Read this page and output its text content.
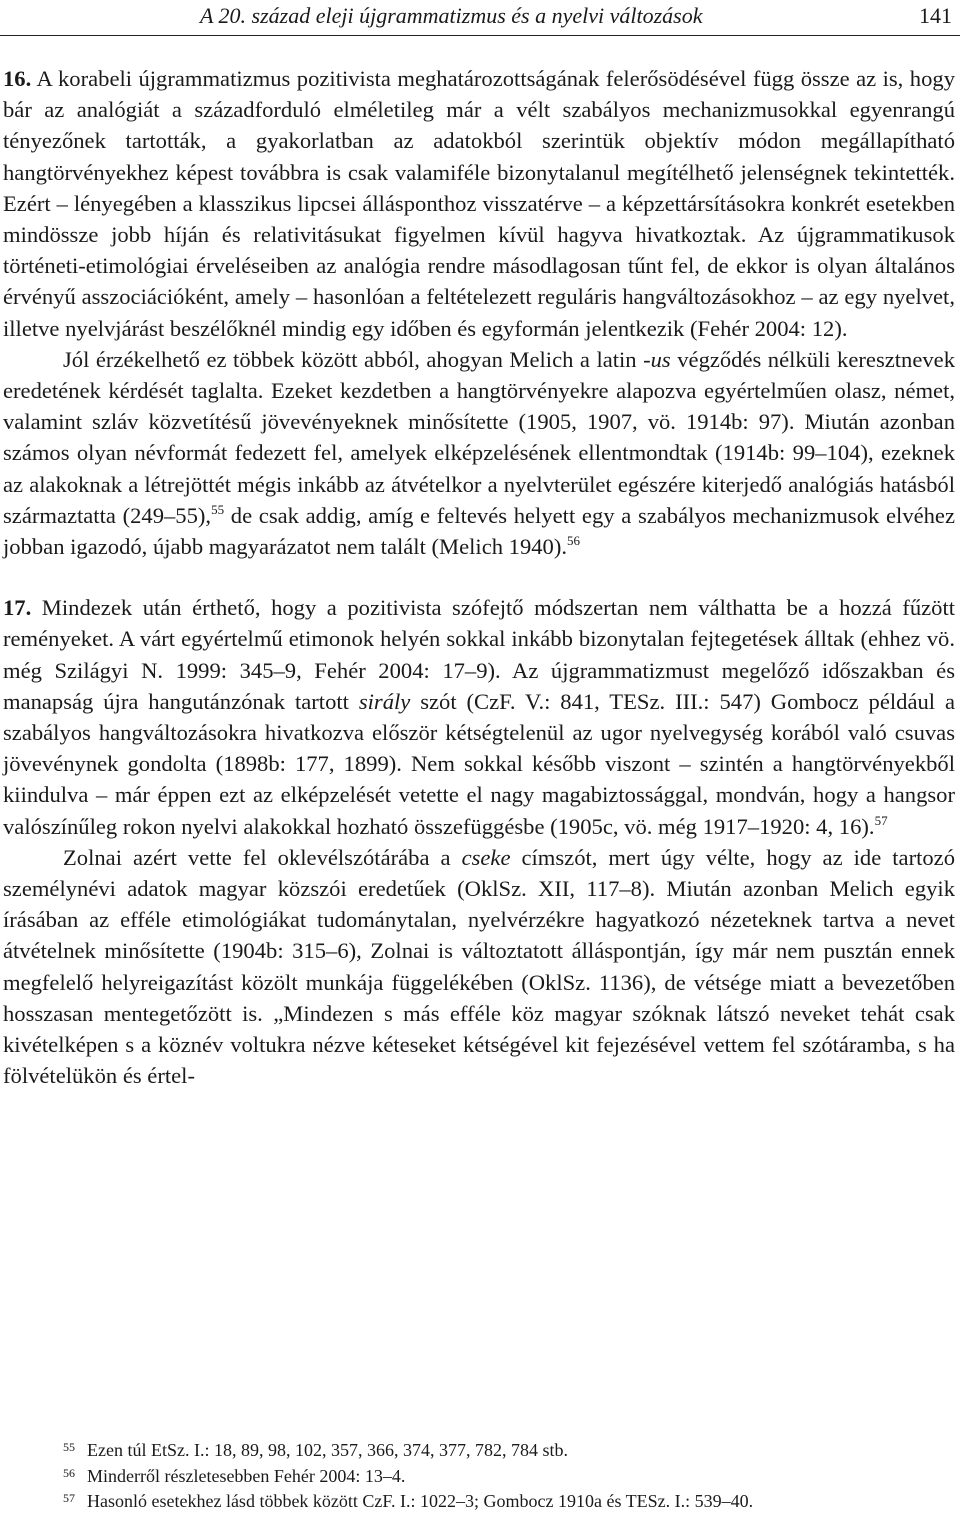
A 20. század eleji újgrammatizmus és a nyelvi változások	141

16. A korabeli újgrammatizmus pozitivista meghatározottságának felerősödésével függ össze az is, hogy bár az analógiát a századforduló elméletileg már a vélt szabályos mechanizmusokkal egyenrangú tényezőnek tartották, a gyakorlatban az adatokból szerintük objektív módon megállapítható hangtörvényekhez képest továbbra is csak valamiféle bizonytalanul megítélhető jelenségnek tekintették. Ezért – lényegében a klasszikus lipcsei állásponthoz visszatérve – a képzettársításokra konkrét esetekben mindössze jobb híján és relativitásukat figyelmen kívül hagyva hivatkoztak. Az újgrammatikusok történeti-etimológiai érveléseiben az analógia rendre másodlagosan tűnt fel, de ekkor is olyan általános érvényű asszociációként, amely – hasonlóan a feltételezett reguláris hangváltozásokhoz – az egy nyelvet, illetve nyelvjárást beszélőknél mindig egy időben és egyformán jelentkezik (Fehér 2004: 12).

Jól érzékelhető ez többek között abból, ahogyan Melich a latin -us végződés nélküli keresztnevek eredetének kérdését taglalta. Ezeket kezdetben a hangtörvényekre alapozva egyértelműen olasz, német, valamint szláv közvetítésű jövevényeknek minősítette (1905, 1907, vö. 1914b: 97). Miután azonban számos olyan névformát fedezett fel, amelyek elképzelésének ellentmondtak (1914b: 99–104), ezeknek az alakoknak a létrejöttét mégis inkább az átvételkor a nyelvterület egészére kiterjedő analógiás hatásból származtatta (249–55),$^{55}$ de csak addig, amíg e feltevés helyett egy a szabályos mechanizmusok elvéhez jobban igazodó, újabb magyarázatot nem talált (Melich 1940).$^{56}$

17. Mindezek után érthető, hogy a pozitivista szófejtő módszertan nem válthatta be a hozzá fűzött reményeket. A várt egyértelmű etimonok helyén sokkal inkább bizonytalan fejtegetések álltak (ehhez vö. még Szilágyi N. 1999: 345–9, Fehér 2004: 17–9). Az újgrammatizmust megelőző időszakban és manapság újra hangutánzónak tartott sirály szót (CzF. V.: 841, TESz. III.: 547) Gombocz például a szabályos hangváltozásokra hivatkozva először kétségtelenül az ugor nyelvegység korából való csuvas jövevénynek gondolta (1898b: 177, 1899). Nem sokkal később viszont – szintén a hangtörvényekből kiindulva – már éppen ezt az elképzelését vetette el nagy magabiztossággal, mondván, hogy a hangsor valószínűleg rokon nyelvi alakokkal hozható összefüggésbe (1905c, vö. még 1917–1920: 4, 16).$^{57}$

Zolnai azért vette fel oklevélszótárába a cseke címszót, mert úgy vélte, hogy az ide tartozó személynévi adatok magyar közszói eredetűek (OklSz. XII, 117–8). Miután azonban Melich egyik írásában az efféle etimológiákat tudománytalan, nyelvérzékre hagyatkozó nézeteknek tartva a nevet átvételnek minősítette (1904b: 315–6), Zolnai is változtatott álláspontján, így már nem pusztán ennek megfelelő helyreigazítást közölt munkája függelékében (OklSz. 1136), de vétsége miatt a bevezetőben hosszasan mentegetőzött is. „Mindezen s más efféle köz magyar szóknak látszó neveket tehát csak kivételképen s a köznév voltukra nézve kéteseket kétségével kit fejezésével vettem fel szótáramba, s ha fölvételükön és értel-

55 Ezen túl EtSz. I.: 18, 89, 98, 102, 357, 366, 374, 377, 782, 784 stb.
56 Minderről részletesebben Fehér 2004: 13–4.
57 Hasonló esetekhez lásd többek között CzF. I.: 1022–3; Gombocz 1910a és TESz. I.: 539–40.
